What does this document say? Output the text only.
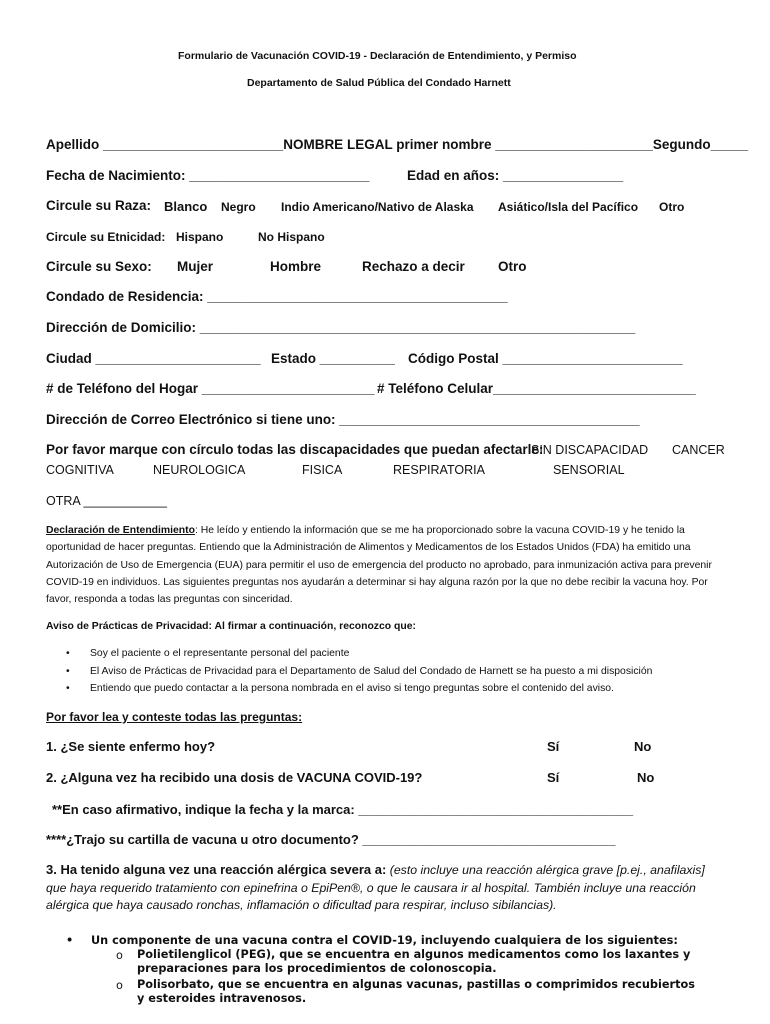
Formulario de Vacunación COVID-19 - Declaración de Entendimiento, y Permiso
Departamento de Salud Pública del Condado Harnett
Apellido ________________________NOMBRE LEGAL primer nombre _____________________Segundo_____
Fecha de Nacimiento: ________________________	Edad en años: ________________
Circule su Raza: Blanco Negro Indio Americano/Nativo de Alaska Asiático/Isla del Pacífico Otro
Circule su Etnicidad: Hispano	No Hispano
Circule su Sexo: Mujer	Hombre	Rechazo a decir Otro
Condado de Residencia: ________________________________________
Dirección de Domicilio: __________________________________________________________
Ciudad ______________________ Estado __________ Código Postal ________________________
# de Teléfono del Hogar _______________________ # Teléfono Celular___________________________
Dirección de Correo Electrónico si tiene uno: ________________________________________
Por favor marque con círculo todas las discapacidades que puedan afectarle:
SIN DISCAPACIDAD CANCER
COGNITIVA	NEUROLOGICA	FISICA	RESPIRATORIA	SENSORIAL
OTRA ____________
Declaración de Entendimiento: He leído y entiendo la información que se me ha proporcionado sobre la vacuna COVID-19 y he tenido la oportunidad de hacer preguntas. Entiendo que la Administración de Alimentos y Medicamentos de los Estados Unidos (FDA) ha emitido una Autorización de Uso de Emergencia (EUA) para permitir el uso de emergencia del producto no aprobado, para inmunización activa para prevenir COVID-19 en individuos. Las siguientes preguntas nos ayudarán a determinar si hay alguna razón por la que no debe recibir la vacuna hoy. Por favor, responda a todas las preguntas con sinceridad.
Aviso de Prácticas de Privacidad: Al firmar a continuación, reconozco que:
• Soy el paciente o el representante personal del paciente
• El Aviso de Prácticas de Privacidad para el Departamento de Salud del Condado de Harnett se ha puesto a mi disposición
• Entiendo que puedo contactar a la persona nombrada en el aviso si tengo preguntas sobre el contenido del aviso.
Por favor lea y conteste todas las preguntas:
1. ¿Se siente enfermo hoy?	Sí	No
2. ¿Alguna vez ha recibido una dosis de VACUNA COVID-19?	Sí	No
**En caso afirmativo, indique la fecha y la marca: ______________________________________
****¿Trajo su cartilla de vacuna u otro documento? ___________________________________
3. Ha tenido alguna vez una reacción alérgica severa a: (esto incluye una reacción alérgica grave [p.ej., anafilaxis] que haya requerido tratamiento con epinefrina o EpiPen®, o que le causara ir al hospital. También incluye una reacción alérgica que haya causado ronchas, inflamación o dificultad para respirar, incluso sibilancias).
• Un componente de una vacuna contra el COVID-19, incluyendo cualquiera de los siguientes:
o Polietilenglicol (PEG), que se encuentra en algunos medicamentos como los laxantes y preparaciones para los procedimientos de colonoscopia.
o Polisorbato, que se encuentra en algunas vacunas, pastillas o comprimidos recubiertos y esteroides intravenosos.
